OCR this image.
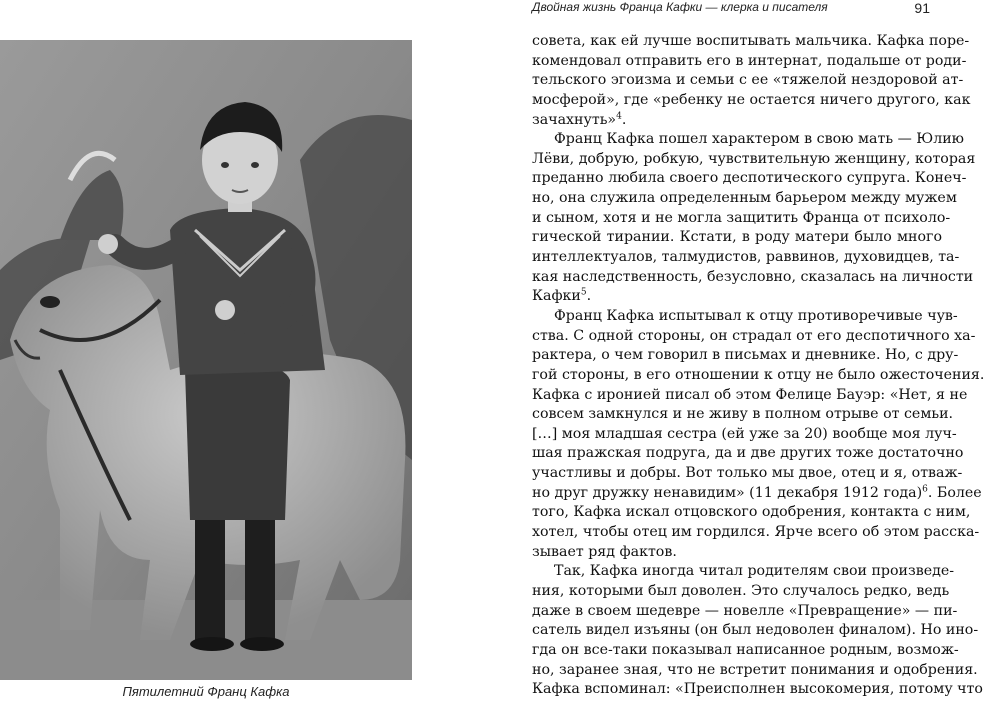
Двойная жизнь Франца Кафки — клерка и писателя	91
Пятилетний Франц Кафка
совета, как ей лучше воспитывать мальчика. Кафка поре-
комендовал отправить его в интернат, подальше от роди-
тельского эгоизма и семьи с ее «тяжелой нездоровой ат-
мосферой», где «ребенку не остается ничего другого, как
зачахнуть»$^4$.
Франц Кафка пошел характером в свою мать — Юлию
Лёви, добрую, робкую, чувствительную женщину, которая
преданно любила своего деспотического супруга. Конеч-
но, она служила определенным барьером между мужем
и сыном, хотя и не могла защитить Франца от психоло-
гической тирании. Кстати, в роду матери было много
интеллектуалов, талмудистов, раввинов, духовидцев, та-
кая наследственность, безусловно, сказалась на личности
Кафки$^5$.
Франц Кафка испытывал к отцу противоречивые чув-
ства. С одной стороны, он страдал от его деспотичного ха-
рактера, о чем говорил в письмах и дневнике. Но, с дру-
гой стороны, в его отношении к отцу не было ожесточения.
Кафка с иронией писал об этом Фелице Бауэр: «Нет, я не
совсем замкнулся и не живу в полном отрыве от семьи.
[…] моя младшая сестра (ей уже за 20) вообще моя луч-
шая пражская подруга, да и две других тоже достаточно
участливы и добры. Вот только мы двое, отец и я, отваж-
но друг дружку ненавидим» (11 декабря 1912 года)$^6$. Более
того, Кафка искал отцовского одобрения, контакта с ним,
хотел, чтобы отец им гордился. Ярче всего об этом расска-
зывает ряд фактов.
Так, Кафка иногда читал родителям свои произведе-
ния, которыми был доволен. Это случалось редко, ведь
даже в своем шедевре — новелле «Превращение» — пи-
сатель видел изъяны (он был недоволен финалом). Но ино-
гда он все-таки показывал написанное родным, возмож-
но, заранее зная, что не встретит понимания и одобрения.
Кафка вспоминал: «Преисполнен высокомерия, потому что
